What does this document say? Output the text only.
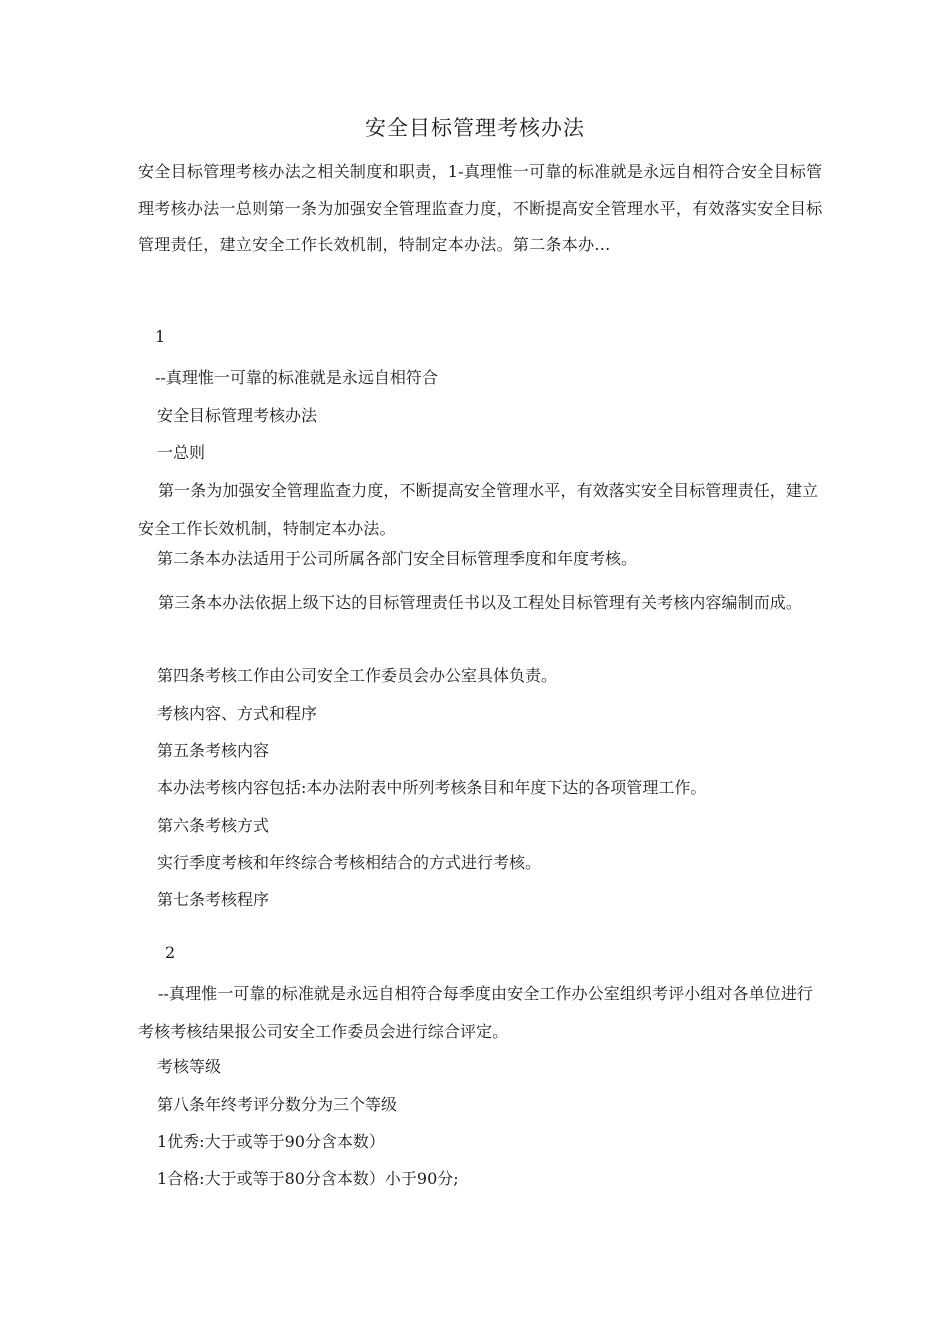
安全目标管理考核办法

安全目标管理考核办法之相关制度和职责，1-真理惟一可靠的标准就是永远自相符合安全目标管理考核办法一总则第一条为加强安全管理监查力度，不断提高安全管理水平，有效落实安全目标管理责任，建立安全工作长效机制，特制定本办法。第二条本办...

1

--真理惟一可靠的标准就是永远自相符合

安全目标管理考核办法

一总则

第一条为加强安全管理监查力度，不断提高安全管理水平，有效落实安全目标管理责任，建立安全工作长效机制，特制定本办法。

第二条本办法适用于公司所属各部门安全目标管理季度和年度考核。

第三条本办法依据上级下达的目标管理责任书以及工程处目标管理有关考核内容编制而成。

第四条考核工作由公司安全工作委员会办公室具体负责。

考核内容、方式和程序

第五条考核内容

本办法考核内容包括:本办法附表中所列考核条目和年度下达的各项管理工作。

第六条考核方式

实行季度考核和年终综合考核相结合的方式进行考核。

第七条考核程序

2

--真理惟一可靠的标准就是永远自相符合每季度由安全工作办公室组织考评小组对各单位进行考核考核结果报公司安全工作委员会进行综合评定。

考核等级

第八条年终考评分数分为三个等级

1优秀:大于或等于90分含本数）

1合格:大于或等于80分含本数）小于90分;
